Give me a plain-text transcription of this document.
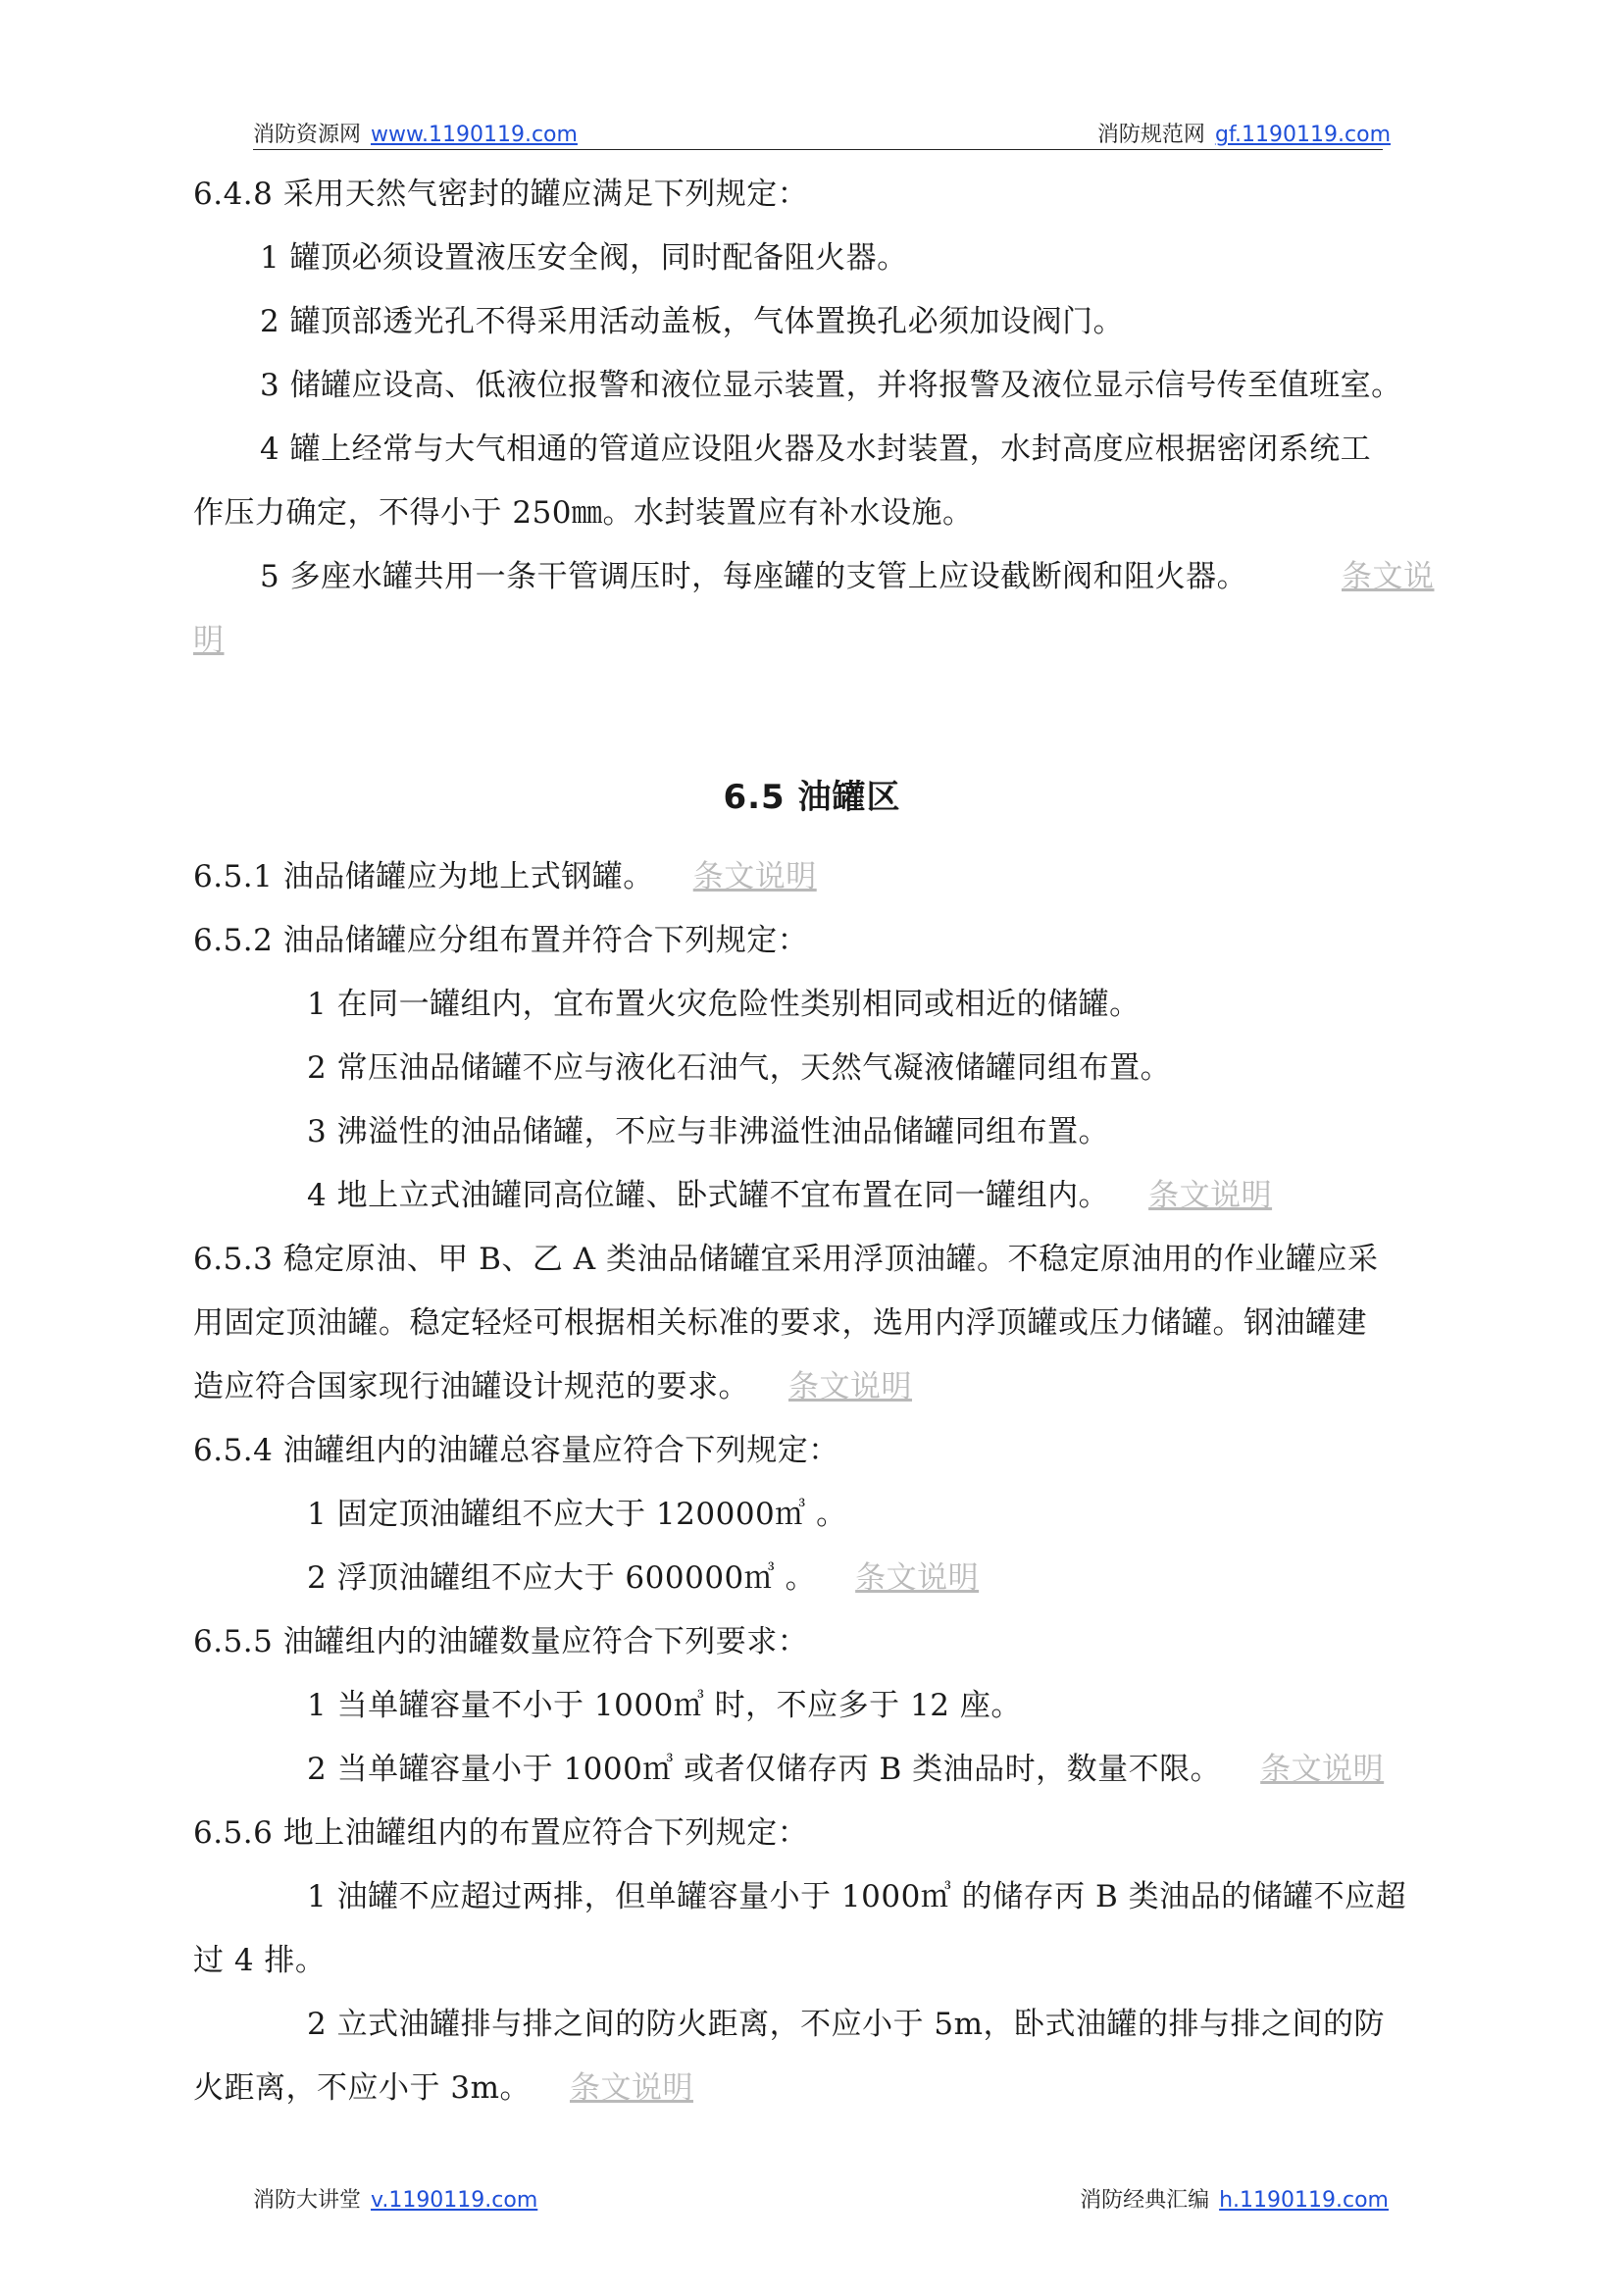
消防资源网 www.1190119.com	消防规范网 gf.1190119.com
6.4.8 采用天然气密封的罐应满足下列规定：
1 罐顶必须设置液压安全阀，同时配备阻火器。
2 罐顶部透光孔不得采用活动盖板，气体置换孔必须加设阀门。
3 储罐应设高、低液位报警和液位显示装置，并将报警及液位显示信号传至值班室。
4 罐上经常与大气相通的管道应设阻火器及水封装置，水封高度应根据密闭系统工
作压力确定，不得小于 250㎜。水封装置应有补水设施。
5 多座水罐共用一条干管调压时，每座罐的支管上应设截断阀和阻火器。	条文说
明
6.5 油罐区
6.5.1 油品储罐应为地上式钢罐。 条文说明
6.5.2 油品储罐应分组布置并符合下列规定：
1 在同一罐组内，宜布置火灾危险性类别相同或相近的储罐。
2 常压油品储罐不应与液化石油气，天然气凝液储罐同组布置。
3 沸溢性的油品储罐，不应与非沸溢性油品储罐同组布置。
4 地上立式油罐同高位罐、卧式罐不宜布置在同一罐组内。 条文说明
6.5.3 稳定原油、甲 B、乙 A 类油品储罐宜采用浮顶油罐。不稳定原油用的作业罐应采
用固定顶油罐。稳定轻烃可根据相关标准的要求，选用内浮顶罐或压力储罐。钢油罐建
造应符合国家现行油罐设计规范的要求。 条文说明
6.5.4 油罐组内的油罐总容量应符合下列规定：
1 固定顶油罐组不应大于 120000㎥ 。
2 浮顶油罐组不应大于 600000㎥ 。 条文说明
6.5.5 油罐组内的油罐数量应符合下列要求：
1 当单罐容量不小于 1000㎥ 时，不应多于 12 座。
2 当单罐容量小于 1000㎥ 或者仅储存丙 B 类油品时，数量不限。 条文说明
6.5.6 地上油罐组内的布置应符合下列规定：
1 油罐不应超过两排，但单罐容量小于 1000㎥ 的储存丙 B 类油品的储罐不应超
过 4 排。
2 立式油罐排与排之间的防火距离，不应小于 5m，卧式油罐的排与排之间的防
火距离，不应小于 3m。 条文说明
消防大讲堂 v.1190119.com	消防经典汇编 h.1190119.com
